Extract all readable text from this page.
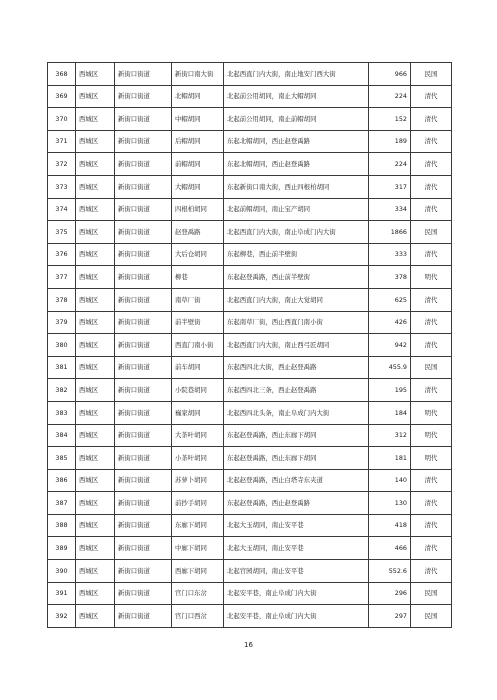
368	西城区	新街口街道	新街口南大街	北起西直门内大街，南止地安门西大街	966	民国
369	西城区	新街口街道	北帽胡同	北起前公用胡同，南止大帽胡同	224	清代
370	西城区	新街口街道	中帽胡同	北起前公用胡同，南止前帽胡同	152	清代
371	西城区	新街口街道	后帽胡同	东起北帽胡同，西止赵登禹路	189	清代
372	西城区	新街口街道	前帽胡同	东起北帽胡同，西止赵登禹路	224	清代
373	西城区	新街口街道	大帽胡同	东起新街口南大街，西止四根柏胡同	317	清代
374	西城区	新街口街道	四根柏胡同	北起前帽胡同，南止宝产胡同	334	清代
375	西城区	新街口街道	赵登禹路	北起西直门内大街，南止阜成门内大街	1866	民国
376	西城区	新街口街道	大后仓胡同	东起柳巷，西止前半壁街	333	清代
377	西城区	新街口街道	柳巷	东起赵登禹路，西止前半壁街	378	明代
378	西城区	新街口街道	南草厂街	北起西直门内大街，南止大觉胡同	625	清代
379	西城区	新街口街道	前半壁街	东起南草厂街，西止西直门南小街	426	清代
380	西城区	新街口街道	西直门南小街	北起西直门内大街，南止西弓匠胡同	942	清代
381	西城区	新街口街道	前车胡同	东起西四北大街，西止赵登禹路	455.9	民国
382	西城区	新街口街道	小院巷胡同	东起西四北三条，西止赵登禹路	195	清代
383	西城区	新街口街道	巍家胡同	北起西四北头条，南止阜成门内大街	184	明代
384	西城区	新街口街道	大茶叶胡同	东起赵登禹路，西止东廊下胡同	312	明代
385	西城区	新街口街道	小茶叶胡同	东起赵登禹路，西止东廊下胡同	181	明代
386	西城区	新街口街道	苏萝卜胡同	北起赵登禹路，西止白塔寺东夹道	140	清代
387	西城区	新街口街道	前抄手胡同	东起赵登禹路，西止赵登禹路	130	清代
388	西城区	新街口街道	东廊下胡同	北起大玉胡同，南止安平巷	418	清代
389	西城区	新街口街道	中廊下胡同	北起大玉胡同，南止安平巷	466	清代
390	西城区	新街口街道	西廊下胡同	北起官园胡同，南止安平巷	552.6	清代
391	西城区	新街口街道	官门口东岔	北起安平巷，南止阜成门内大街	296	民国
392	西城区	新街口街道	官门口西岔	北起安平巷，南止阜成门内大街	297	民国
16
